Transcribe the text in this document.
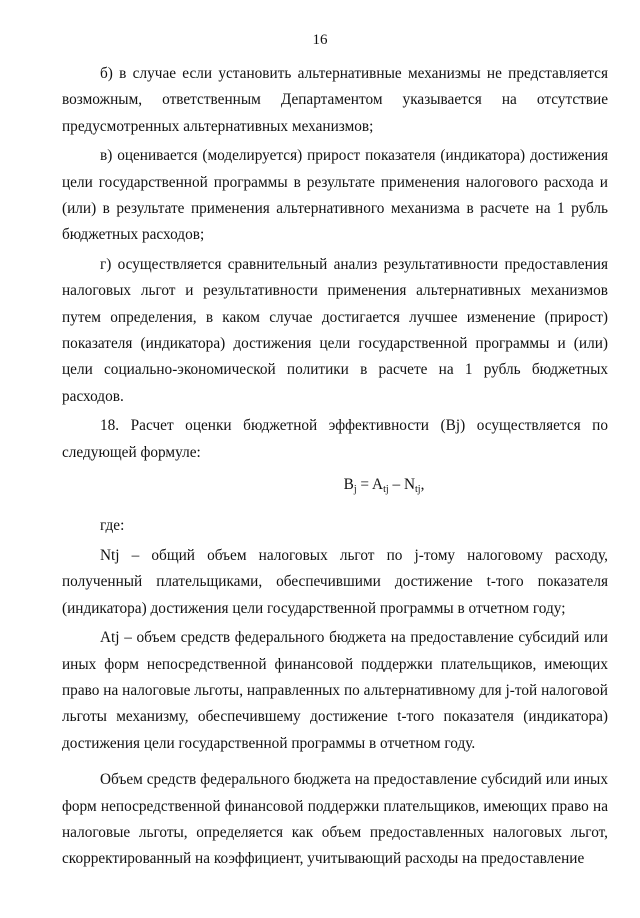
16

б) в случае если установить альтернативные механизмы не представляется возможным, ответственным Департаментом указывается на отсутствие предусмотренных альтернативных механизмов;

в) оценивается (моделируется) прирост показателя (индикатора) достижения цели государственной программы в результате применения налогового расхода и (или) в результате применения альтернативного механизма в расчете на 1 рубль бюджетных расходов;

г) осуществляется сравнительный анализ результативности предоставления налоговых льгот и результативности применения альтернативных механизмов путем определения, в каком случае достигается лучшее изменение (прирост) показателя (индикатора) достижения цели государственной программы и (или) цели социально-экономической политики в расчете на 1 рубль бюджетных расходов.

18. Расчет оценки бюджетной эффективности (Bj) осуществляется по следующей формуле:

$B_j = A_{tj} - N_{tj}$,

где:

Ntj – общий объем налоговых льгот по j-тому налоговому расходу, полученный плательщиками, обеспечившими достижение t-того показателя (индикатора) достижения цели государственной программы в отчетном году;

Atj – объем средств федерального бюджета на предоставление субсидий или иных форм непосредственной финансовой поддержки плательщиков, имеющих право на налоговые льготы, направленных по альтернативному для j-той налоговой льготы механизму, обеспечившему достижение t-того показателя (индикатора) достижения цели государственной программы в отчетном году.

Объем средств федерального бюджета на предоставление субсидий или иных форм непосредственной финансовой поддержки плательщиков, имеющих право на налоговые льготы, определяется как объем предоставленных налоговых льгот, скорректированный на коэффициент, учитывающий расходы на предоставление
